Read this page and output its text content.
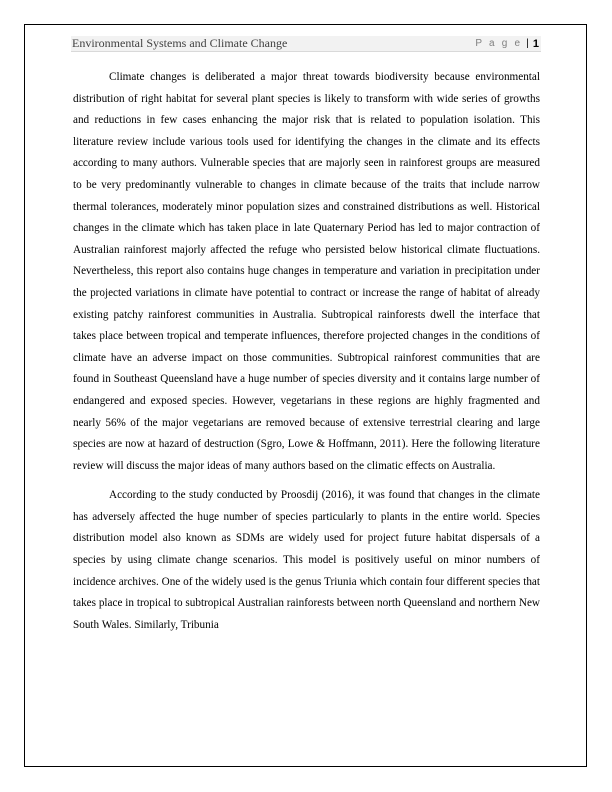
Environmental Systems and Climate Change	P a g e | 1

Climate changes is deliberated a major threat towards biodiversity because environmental distribution of right habitat for several plant species is likely to transform with wide series of growths and reductions in few cases enhancing the major risk that is related to population isolation. This literature review include various tools used for identifying the changes in the climate and its effects according to many authors. Vulnerable species that are majorly seen in rainforest groups are measured to be very predominantly vulnerable to changes in climate because of the traits that include narrow thermal tolerances, moderately minor population sizes and constrained distributions as well. Historical changes in the climate which has taken place in late Quaternary Period has led to major contraction of Australian rainforest majorly affected the refuge who persisted below historical climate fluctuations. Nevertheless, this report also contains huge changes in temperature and variation in precipitation under the projected variations in climate have potential to contract or increase the range of habitat of already existing patchy rainforest communities in Australia. Subtropical rainforests dwell the interface that takes place between tropical and temperate influences, therefore projected changes in the conditions of climate have an adverse impact on those communities. Subtropical rainforest communities that are found in Southeast Queensland have a huge number of species diversity and it contains large number of endangered and exposed species. However, vegetarians in these regions are highly fragmented and nearly 56% of the major vegetarians are removed because of extensive terrestrial clearing and large species are now at hazard of destruction (Sgro, Lowe & Hoffmann, 2011). Here the following literature review will discuss the major ideas of many authors based on the climatic effects on Australia.

According to the study conducted by Proosdij (2016), it was found that changes in the climate has adversely affected the huge number of species particularly to plants in the entire world. Species distribution model also known as SDMs are widely used for project future habitat dispersals of a species by using climate change scenarios. This model is positively useful on minor numbers of incidence archives. One of the widely used is the genus Triunia which contain four different species that takes place in tropical to subtropical Australian rainforests between north Queensland and northern New South Wales. Similarly, Tribunia
